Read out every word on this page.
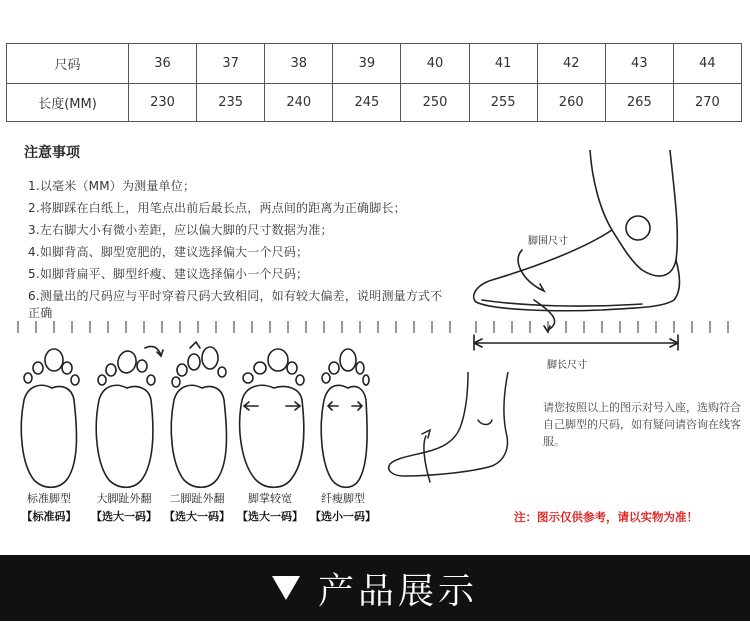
尺码	36	37	38	39	40	41	42	43	44
长度(MM)	230	235	240	245	250	255	260	265	270
注意事项
1.以毫米（MM）为测量单位；
2.将脚踩在白纸上，用笔点出前后最长点，两点间的距离为正确脚长；
3.左右脚大小有微小差距，应以偏大脚的尺寸数据为准；
4.如脚背高、脚型宽肥的，建议选择偏大一个尺码；
5.如脚背扁平、脚型纤瘦、建议选择偏小一个尺码；
6.测量出的尺码应与平时穿着尺码大致相同，如有较大偏差，说明测量方式不正确
标准脚型
【标准码】
大脚趾外翻
【选大一码】
二脚趾外翻
【选大一码】
脚掌较宽
【选大一码】
纤瘦脚型
【选小一码】
脚围尺寸
脚长尺寸
请您按照以上的图示对号入座，选购符合自己脚型的尺码，如有疑问请咨询在线客服。
注：图示仅供参考，请以实物为准！
产品展示
